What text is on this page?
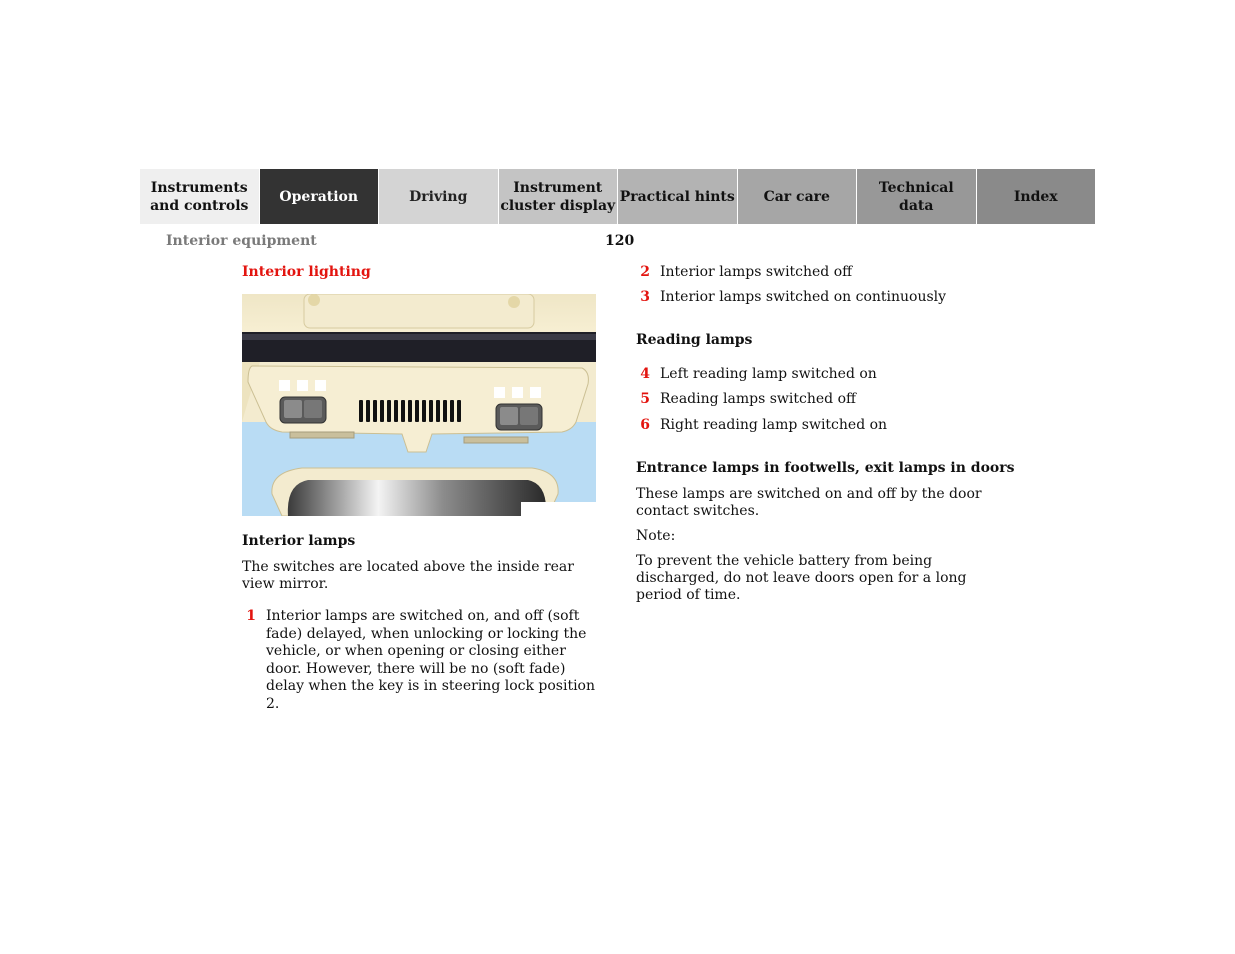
Instruments
and controls
Operation	Driving
Instrument
cluster display
Practical hints	Car care
Technical
data
Index
Interior equipment	120
Interior lighting
Interior lamps
The switches are located above the inside rear view mirror.
1 Interior lamps are switched on, and off (soft fade) delayed, when unlocking or locking the vehicle, or when opening or closing either door. However, there will be no (soft fade) delay when the key is in steering lock position 2.
2 Interior lamps switched off
3 Interior lamps switched on continuously
Reading lamps
4 Left reading lamp switched on
5 Reading lamps switched off
6 Right reading lamp switched on
Entrance lamps in footwells, exit lamps in doors
These lamps are switched on and off by the door contact switches.
Note:
To prevent the vehicle battery from being discharged, do not leave doors open for a long period of time.
